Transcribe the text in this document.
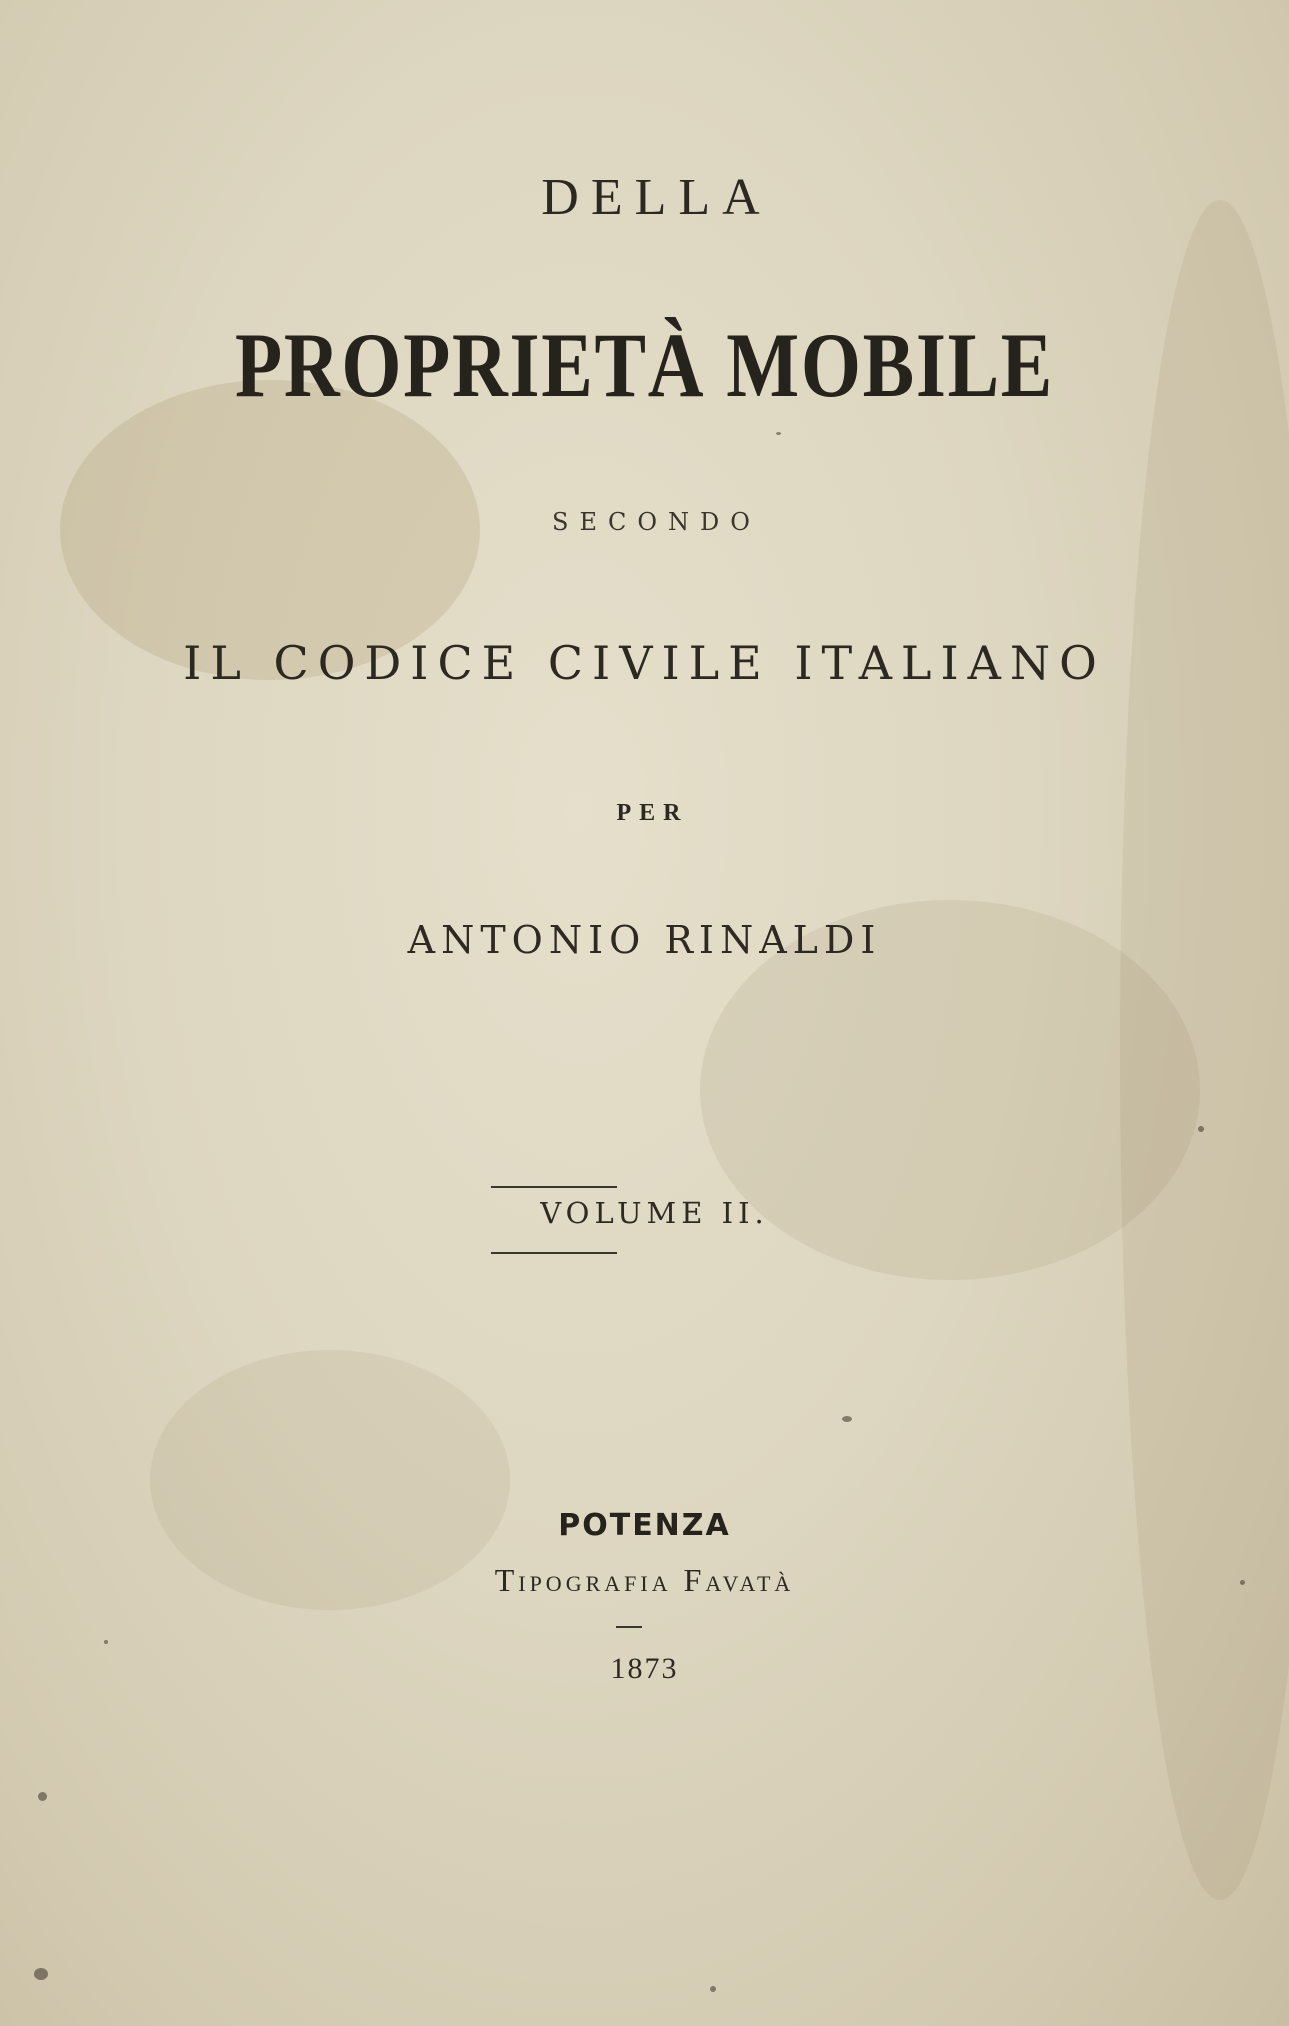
DELLA

PROPRIETÀ MOBILE

SECONDO

IL CODICE CIVILE ITALIANO

PER

ANTONIO RINALDI

VOLUME II.

POTENZA

Tipografia Favatà

1873
